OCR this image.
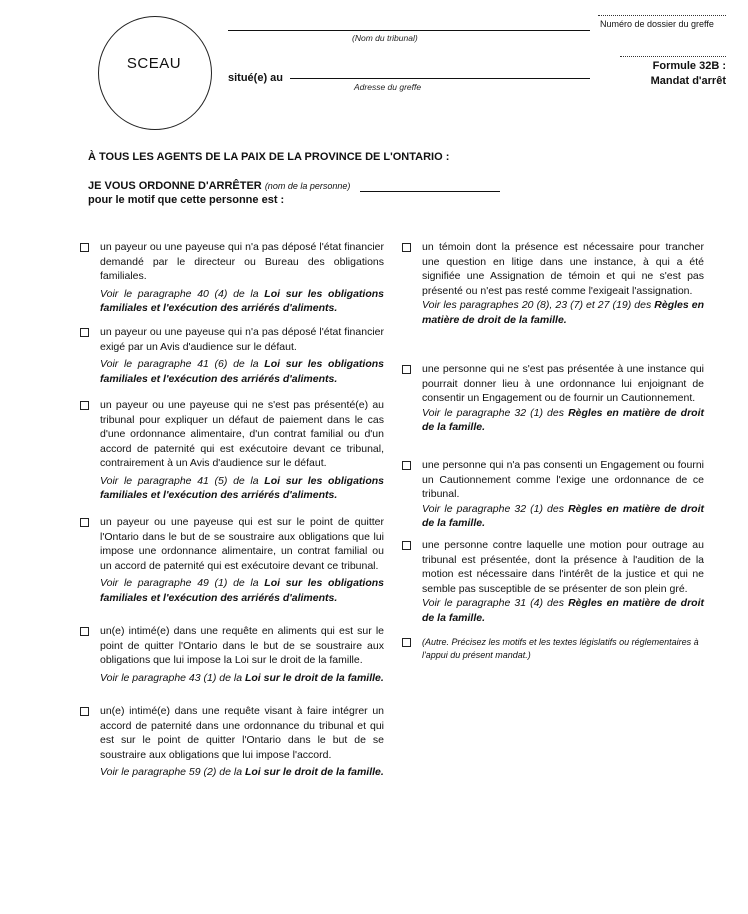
SCEAU
(Nom du tribunal)
Numéro de dossier du greffe
situé(e) au
Adresse du greffe
Formule 32B :
Mandat d'arrêt
À TOUS LES AGENTS DE LA PAIX DE LA PROVINCE DE L'ONTARIO :
JE VOUS ORDONNE D'ARRÊTER (nom de la personne)
pour le motif que cette personne est :
un payeur ou une payeuse qui n'a pas déposé l'état financier demandé par le directeur ou Bureau des obligations familiales.
Voir le paragraphe 40 (4) de la Loi sur les obligations familiales et l'exécution des arriérés d'aliments.
un payeur ou une payeuse qui n'a pas déposé l'état financier exigé par un Avis d'audience sur le défaut.
Voir le paragraphe 41 (6) de la Loi sur les obligations familiales et l'exécution des arriérés d'aliments.
un payeur ou une payeuse qui ne s'est pas présenté(e) au tribunal pour expliquer un défaut de paiement dans le cas d'une ordonnance alimentaire, d'un contrat familial ou d'un accord de paternité qui est exécutoire devant ce tribunal, contrairement à un Avis d'audience sur le défaut.
Voir le paragraphe 41 (5) de la Loi sur les obligations familiales et l'exécution des arriérés d'aliments.
un payeur ou une payeuse qui est sur le point de quitter l'Ontario dans le but de se soustraire aux obligations que lui impose une ordonnance alimentaire, un contrat familial ou un accord de paternité qui est exécutoire devant ce tribunal.
Voir le paragraphe 49 (1) de la Loi sur les obligations familiales et l'exécution des arriérés d'aliments.
un(e) intimé(e) dans une requête en aliments qui est sur le point de quitter l'Ontario dans le but de se soustraire aux obligations que lui impose la Loi sur le droit de la famille.
Voir le paragraphe 43 (1) de la Loi sur le droit de la famille.
un(e) intimé(e) dans une requête visant à faire intégrer un accord de paternité dans une ordonnance du tribunal et qui est sur le point de quitter l'Ontario dans le but de se soustraire aux obligations que lui impose l'accord.
Voir le paragraphe 59 (2) de la Loi sur le droit de la famille.
un témoin dont la présence est nécessaire pour trancher une question en litige dans une instance, à qui a été signifiée une Assignation de témoin et qui ne s'est pas présenté ou n'est pas resté comme l'exigeait l'assignation.
Voir les paragraphes 20 (8), 23 (7) et 27 (19) des Règles en matière de droit de la famille.
une personne qui ne s'est pas présentée à une instance qui pourrait donner lieu à une ordonnance lui enjoignant de consentir un Engagement ou de fournir un Cautionnement.
Voir le paragraphe 32 (1) des Règles en matière de droit de la famille.
une personne qui n'a pas consenti un Engagement ou fourni un Cautionnement comme l'exige une ordonnance de ce tribunal.
Voir le paragraphe 32 (1) des Règles en matière de droit de la famille.
une personne contre laquelle une motion pour outrage au tribunal est présentée, dont la présence à l'audition de la motion est nécessaire dans l'intérêt de la justice et qui ne semble pas susceptible de se présenter de son plein gré.
Voir le paragraphe 31 (4) des Règles en matière de droit de la famille.
(Autre. Précisez les motifs et les textes législatifs ou réglementaires à l'appui du présent mandat.)
